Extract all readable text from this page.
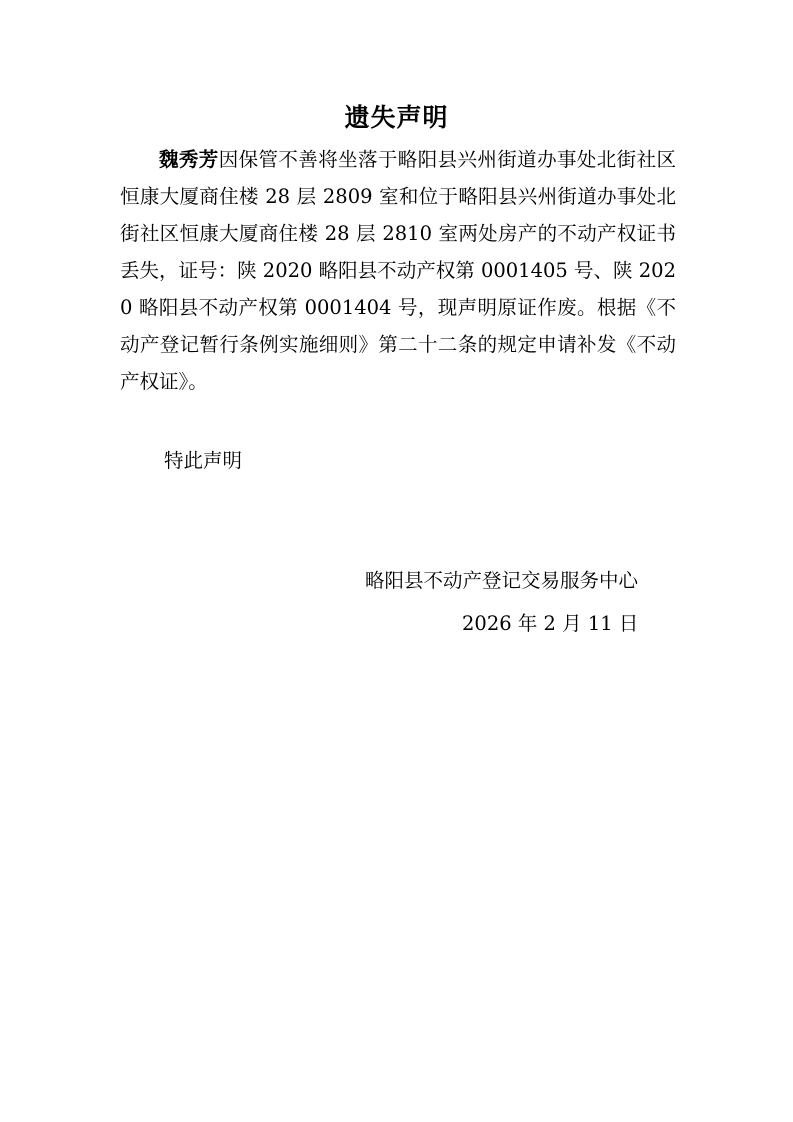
遗失声明

魏秀芳因保管不善将坐落于略阳县兴州街道办事处北街社区恒康大厦商住楼 28 层 2809 室和位于略阳县兴州街道办事处北街社区恒康大厦商住楼 28 层 2810 室两处房产的不动产权证书丢失，证号：陕 2020 略阳县不动产权第 0001405 号、陕 2020 略阳县不动产权第 0001404 号，现声明原证作废。根据《不动产登记暂行条例实施细则》第二十二条的规定申请补发《不动产权证》。

特此声明

略阳县不动产登记交易服务中心

2026 年 2 月 11 日
